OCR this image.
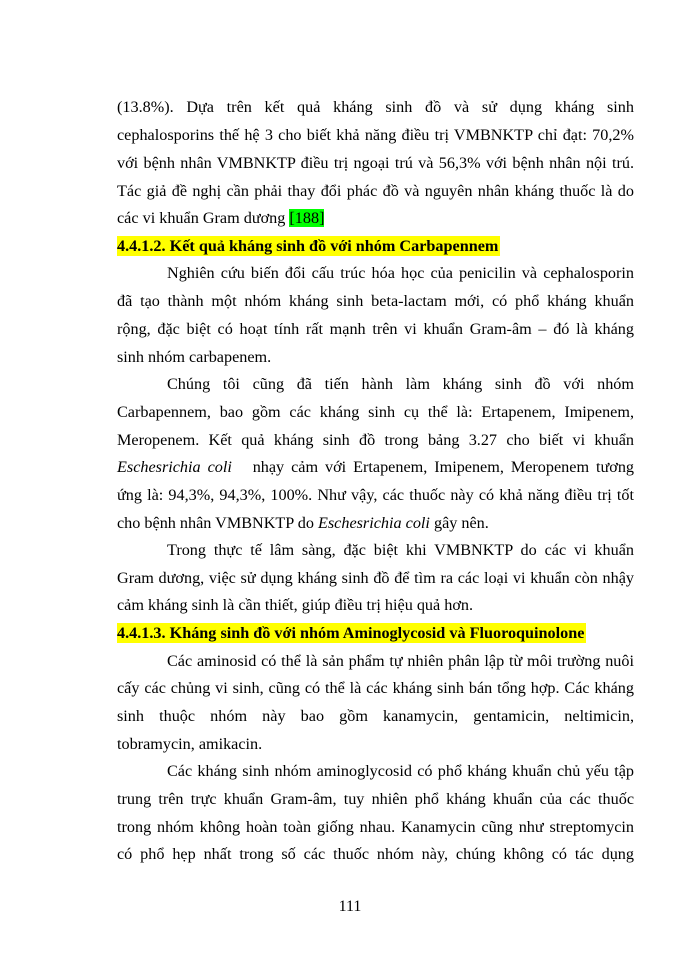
(13.8%). Dựa trên kết quả kháng sinh đồ và sử dụng kháng sinh
cephalosporins thế hệ 3 cho biết khả năng điều trị VMBNKTP chỉ đạt: 70,2%
với bệnh nhân VMBNKTP điều trị ngoại trú và 56,3% với bệnh nhân nội trú.
Tác giả đề nghị cần phải thay đổi phác đồ và nguyên nhân kháng thuốc là do
các vi khuẩn Gram dương [188]
4.4.1.2. Kết quả kháng sinh đồ với nhóm Carbapennem
Nghiên cứu biến đổi cấu trúc hóa học của penicilin và cephalosporin
đã tạo thành một nhóm kháng sinh beta-lactam mới, có phổ kháng khuẩn
rộng, đặc biệt có hoạt tính rất mạnh trên vi khuẩn Gram-âm – đó là kháng
sinh nhóm carbapenem.
Chúng tôi cũng đã tiến hành làm kháng sinh đồ với nhóm
Carbapennem, bao gồm các kháng sinh cụ thể là: Ertapenem, Imipenem,
Meropenem. Kết quả kháng sinh đồ trong bảng 3.27 cho biết vi khuẩn
Eschesrichia coli nhạy cảm với Ertapenem, Imipenem, Meropenem tương
ứng là: 94,3%, 94,3%, 100%. Như vậy, các thuốc này có khả năng điều trị tốt
cho bệnh nhân VMBNKTP do Eschesrichia coli gây nên.
Trong thực tế lâm sàng, đặc biệt khi VMBNKTP do các vi khuẩn
Gram dương, việc sử dụng kháng sinh đồ để tìm ra các loại vi khuẩn còn nhậy
cảm kháng sinh là cần thiết, giúp điều trị hiệu quả hơn.
4.4.1.3. Kháng sinh đồ với nhóm Aminoglycosid và Fluoroquinolone
Các aminosid có thể là sản phẩm tự nhiên phân lập từ môi trường nuôi
cấy các chủng vi sinh, cũng có thể là các kháng sinh bán tổng hợp. Các kháng
sinh thuộc nhóm này bao gồm kanamycin, gentamicin, neltimicin,
tobramycin, amikacin.
Các kháng sinh nhóm aminoglycosid có phổ kháng khuẩn chủ yếu tập
trung trên trực khuẩn Gram-âm, tuy nhiên phổ kháng khuẩn của các thuốc
trong nhóm không hoàn toàn giống nhau. Kanamycin cũng như streptomycin
có phổ hẹp nhất trong số các thuốc nhóm này, chúng không có tác dụng
111
